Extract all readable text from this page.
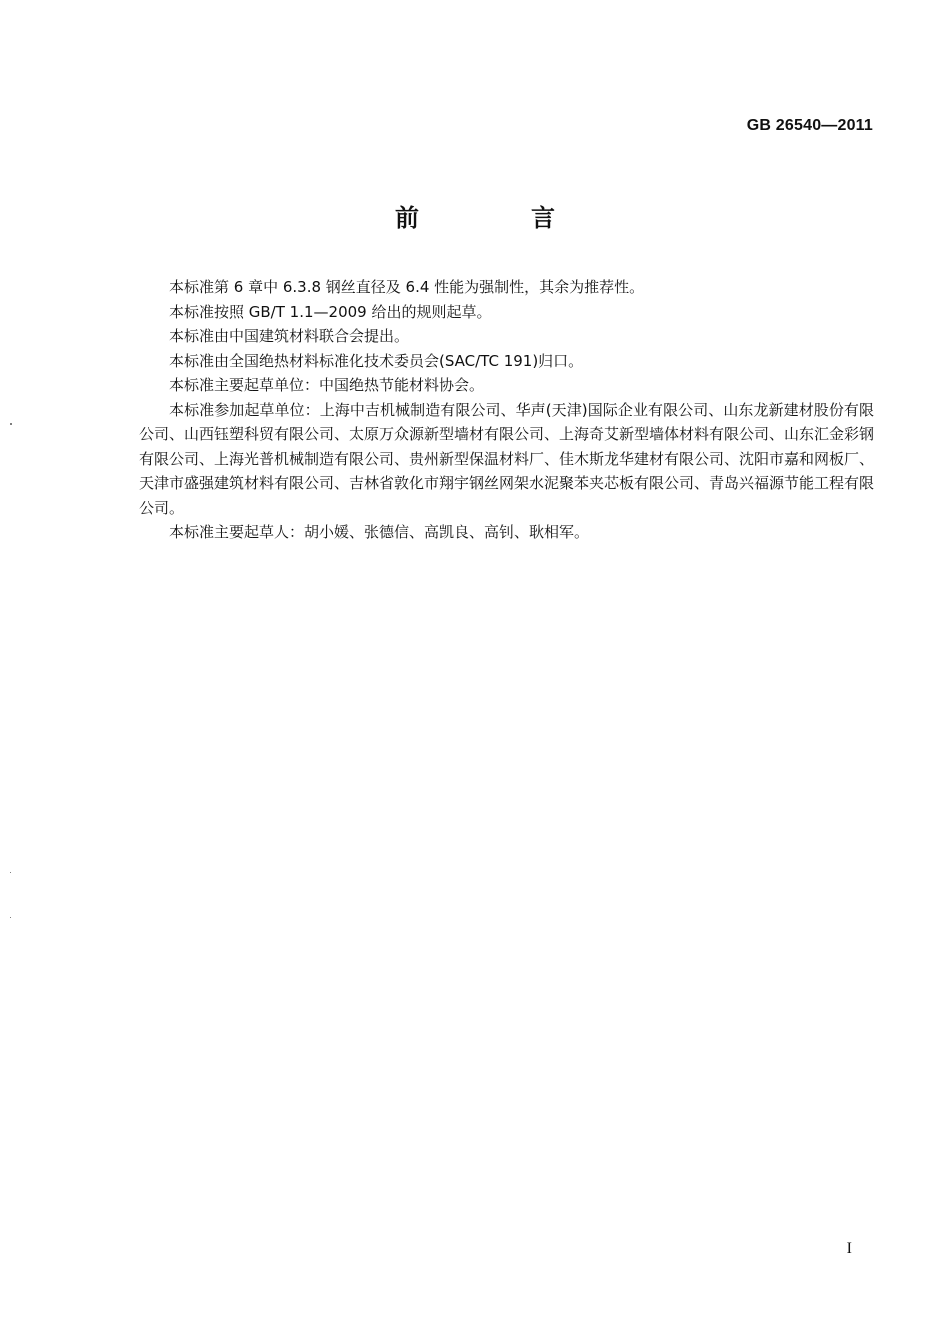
GB 26540—2011
前　言

本标准第 6 章中 6.3.8 钢丝直径及 6.4 性能为强制性，其余为推荐性。

本标准按照 GB/T 1.1—2009 给出的规则起草。

本标准由中国建筑材料联合会提出。

本标准由全国绝热材料标准化技术委员会(SAC/TC 191)归口。

本标准主要起草单位：中国绝热节能材料协会。

本标准参加起草单位：上海中吉机械制造有限公司、华声(天津)国际企业有限公司、山东龙新建材股份有限公司、山西钰塑科贸有限公司、太原万众源新型墙材有限公司、上海奇艾新型墙体材料有限公司、山东汇金彩钢有限公司、上海光普机械制造有限公司、贵州新型保温材料厂、佳木斯龙华建材有限公司、沈阳市嘉和网板厂、天津市盛强建筑材料有限公司、吉林省敦化市翔宇钢丝网架水泥聚苯夹芯板有限公司、青岛兴福源节能工程有限公司。

本标准主要起草人：胡小媛、张德信、高凯良、高钊、耿相军。

I
